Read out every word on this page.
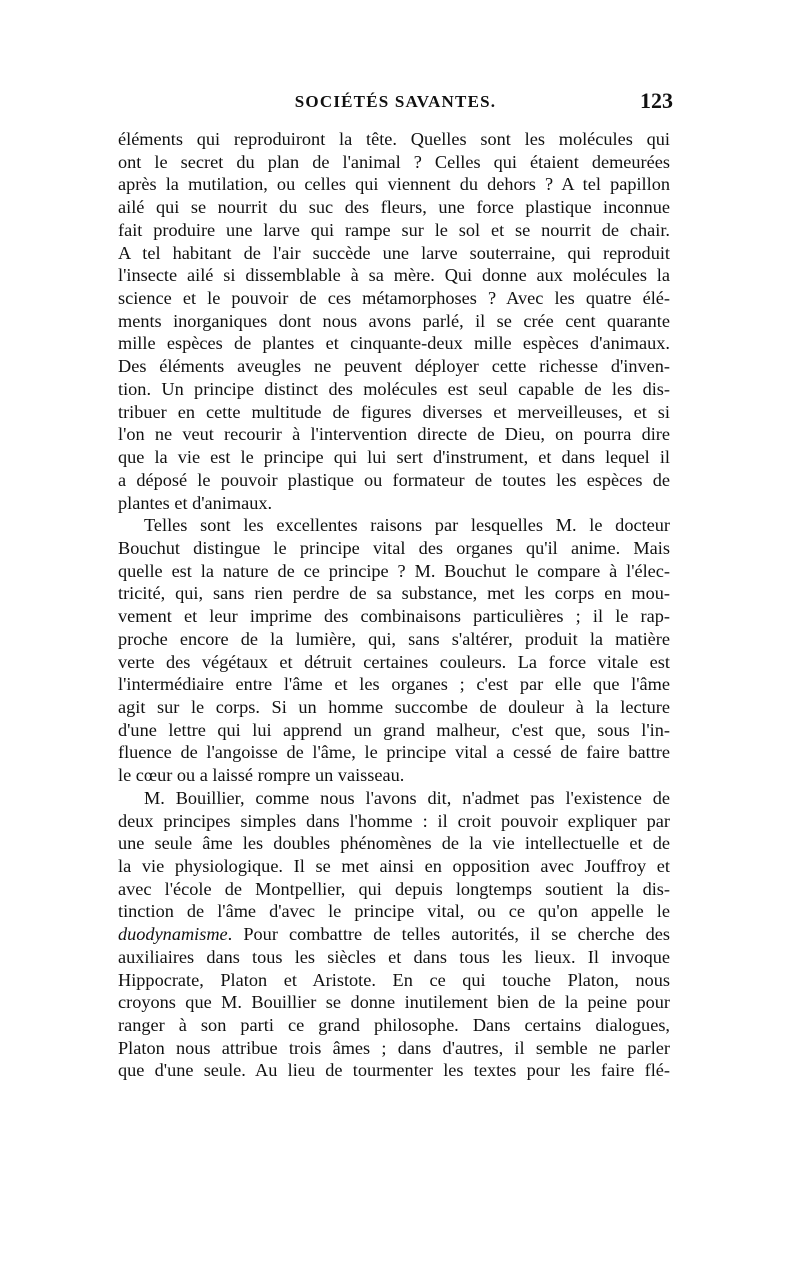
SOCIÉTÉS SAVANTES.	123
éléments qui reproduiront la tête. Quelles sont les molécules qui
ont le secret du plan de l'animal ? Celles qui étaient demeurées
après la mutilation, ou celles qui viennent du dehors ? A tel papillon
ailé qui se nourrit du suc des fleurs, une force plastique inconnue
fait produire une larve qui rampe sur le sol et se nourrit de chair.
A tel habitant de l'air succède une larve souterraine, qui reproduit
l'insecte ailé si dissemblable à sa mère. Qui donne aux molécules la
science et le pouvoir de ces métamorphoses ? Avec les quatre élé-
ments inorganiques dont nous avons parlé, il se crée cent quarante
mille espèces de plantes et cinquante-deux mille espèces d'animaux.
Des éléments aveugles ne peuvent déployer cette richesse d'inven-
tion. Un principe distinct des molécules est seul capable de les dis-
tribuer en cette multitude de figures diverses et merveilleuses, et si
l'on ne veut recourir à l'intervention directe de Dieu, on pourra dire
que la vie est le principe qui lui sert d'instrument, et dans lequel il
a déposé le pouvoir plastique ou formateur de toutes les espèces de
plantes et d'animaux.
Telles sont les excellentes raisons par lesquelles M. le docteur
Bouchut distingue le principe vital des organes qu'il anime. Mais
quelle est la nature de ce principe ? M. Bouchut le compare à l'élec-
tricité, qui, sans rien perdre de sa substance, met les corps en mou-
vement et leur imprime des combinaisons particulières ; il le rap-
proche encore de la lumière, qui, sans s'altérer, produit la matière
verte des végétaux et détruit certaines couleurs. La force vitale est
l'intermédiaire entre l'âme et les organes ; c'est par elle que l'âme
agit sur le corps. Si un homme succombe de douleur à la lecture
d'une lettre qui lui apprend un grand malheur, c'est que, sous l'in-
fluence de l'angoisse de l'âme, le principe vital a cessé de faire battre
le cœur ou a laissé rompre un vaisseau.
M. Bouillier, comme nous l'avons dit, n'admet pas l'existence de
deux principes simples dans l'homme : il croit pouvoir expliquer par
une seule âme les doubles phénomènes de la vie intellectuelle et de
la vie physiologique. Il se met ainsi en opposition avec Jouffroy et
avec l'école de Montpellier, qui depuis longtemps soutient la dis-
tinction de l'âme d'avec le principe vital, ou ce qu'on appelle le
duodynamisme. Pour combattre de telles autorités, il se cherche des
auxiliaires dans tous les siècles et dans tous les lieux. Il invoque
Hippocrate, Platon et Aristote. En ce qui touche Platon, nous
croyons que M. Bouillier se donne inutilement bien de la peine pour
ranger à son parti ce grand philosophe. Dans certains dialogues,
Platon nous attribue trois âmes ; dans d'autres, il semble ne parler
que d'une seule. Au lieu de tourmenter les textes pour les faire flé-
